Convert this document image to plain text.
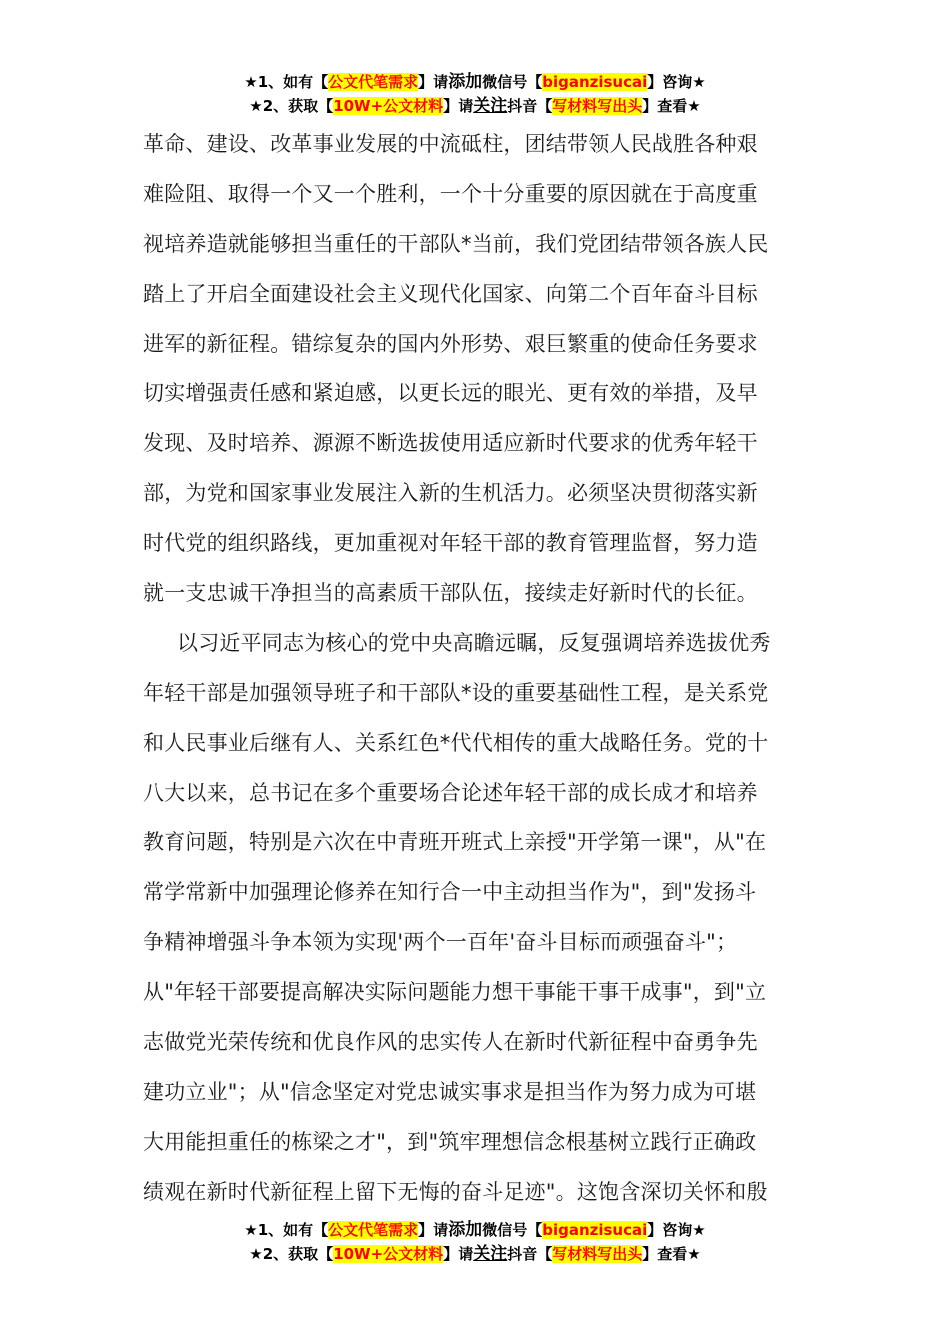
★1、如有【公文代笔需求】请添加微信号【biganzisucai】咨询★
★2、获取【10W+公文材料】请关注抖音【写材料写出头】查看★
革命、建设、改革事业发展的中流砥柱，团结带领人民战胜各种艰
难险阻、取得一个又一个胜利，一个十分重要的原因就在于高度重
视培养造就能够担当重任的干部队*当前，我们党团结带领各族人民
踏上了开启全面建设社会主义现代化国家、向第二个百年奋斗目标
进军的新征程。错综复杂的国内外形势、艰巨繁重的使命任务要求
切实增强责任感和紧迫感，以更长远的眼光、更有效的举措，及早
发现、及时培养、源源不断选拔使用适应新时代要求的优秀年轻干
部，为党和国家事业发展注入新的生机活力。必须坚决贯彻落实新
时代党的组织路线，更加重视对年轻干部的教育管理监督，努力造
就一支忠诚干净担当的高素质干部队伍，接续走好新时代的长征。
以习近平同志为核心的党中央高瞻远瞩，反复强调培养选拔优秀
年轻干部是加强领导班子和干部队*设的重要基础性工程，是关系党
和人民事业后继有人、关系红色*代代相传的重大战略任务。党的十
八大以来，总书记在多个重要场合论述年轻干部的成长成才和培养
教育问题，特别是六次在中青班开班式上亲授"开学第一课"，从"在
常学常新中加强理论修养在知行合一中主动担当作为"，到"发扬斗
争精神增强斗争本领为实现'两个一百年'奋斗目标而顽强奋斗"；
从"年轻干部要提高解决实际问题能力想干事能干事干成事"，到"立
志做党光荣传统和优良作风的忠实传人在新时代新征程中奋勇争先
建功立业"；从"信念坚定对党忠诚实事求是担当作为努力成为可堪
大用能担重任的栋梁之才"，到"筑牢理想信念根基树立践行正确政
绩观在新时代新征程上留下无悔的奋斗足迹"。这饱含深切关怀和殷
★1、如有【公文代笔需求】请添加微信号【biganzisucai】咨询★
★2、获取【10W+公文材料】请关注抖音【写材料写出头】查看★
